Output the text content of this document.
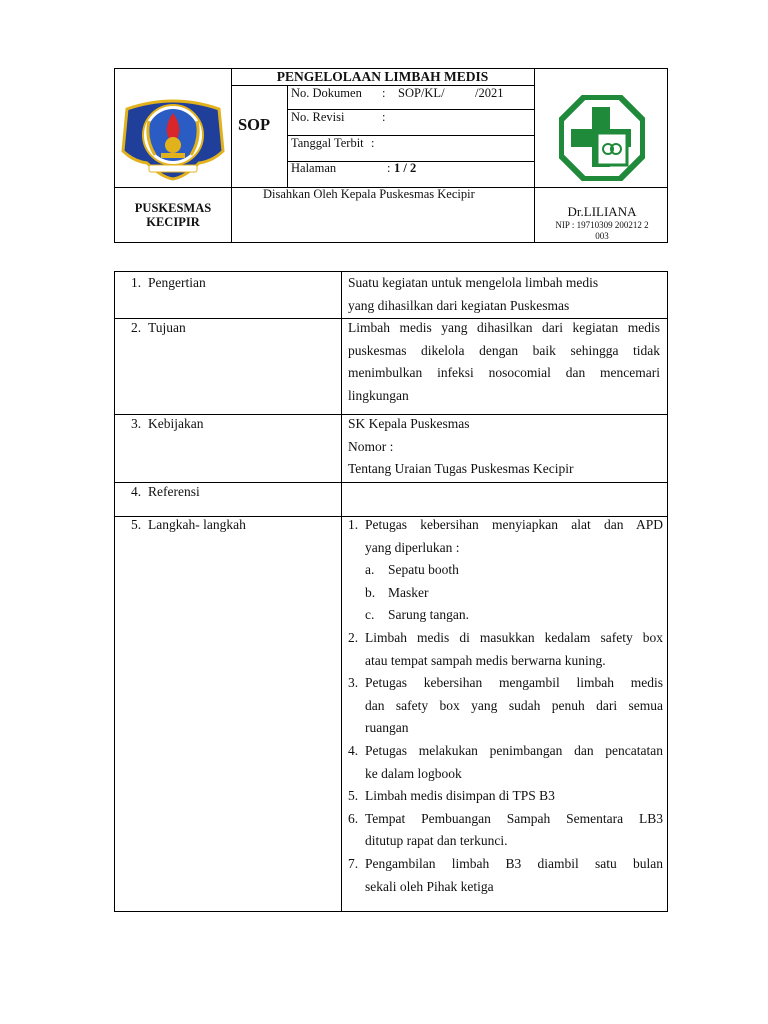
PENGELOLAAN LIMBAH MEDIS
SOP
No. Dokumen : SOP/KL/ /2021
No. Revisi	:
Tanggal Terbit :
Halaman	: 1 / 2
PUSKESMAS
KECIPIR
Disahkan Oleh Kepala Puskesmas Kecipir
Dr.LILIANA
NIP : 19710309 200212 2
003
1. Pengertian	Suatu kegiatan untuk mengelola limbah medis
yang dihasilkan dari kegiatan Puskesmas
2. Tujuan	Limbah medis yang dihasilkan dari kegiatan medis
puskesmas dikelola dengan baik sehingga tidak
menimbulkan infeksi nosocomial dan mencemari
lingkungan
3. Kebijakan	SK Kepala Puskesmas
Nomor :
Tentang Uraian Tugas Puskesmas Kecipir
4. Referensi
5. Langkah- langkah	1. Petugas kebersihan menyiapkan alat dan APD
yang diperlukan :
a. Sepatu booth
b. Masker
c. Sarung tangan.
2. Limbah medis di masukkan kedalam safety box
atau tempat sampah medis berwarna kuning.
3. Petugas kebersihan mengambil limbah medis
dan safety box yang sudah penuh dari semua
ruangan
4. Petugas melakukan penimbangan dan pencatatan
ke dalam logbook
5. Limbah medis disimpan di TPS B3
6. Tempat Pembuangan Sampah Sementara LB3
ditutup rapat dan terkunci.
7. Pengambilan limbah B3 diambil satu bulan
sekali oleh Pihak ketiga
